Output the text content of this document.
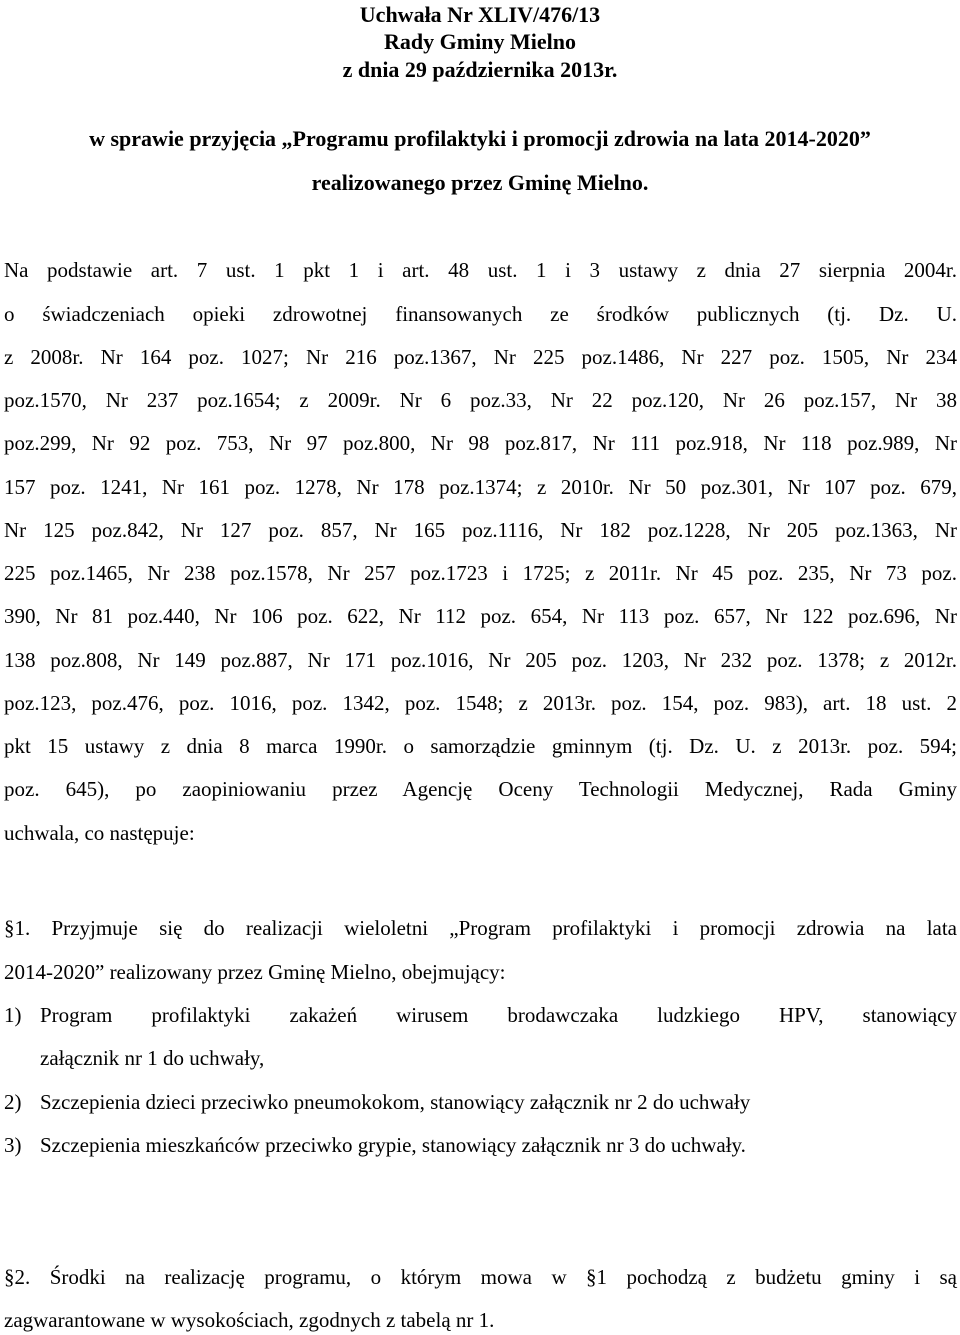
Uchwała Nr XLIV/476/13
Rady Gminy Mielno
z dnia 29 października 2013r.
w sprawie przyjęcia „Programu profilaktyki i promocji zdrowia na lata 2014-2020”
realizowanego przez Gminę Mielno.
Na podstawie art. 7 ust. 1 pkt 1 i art. 48 ust. 1 i 3 ustawy z dnia 27 sierpnia 2004r.
o świadczeniach opieki zdrowotnej finansowanych ze środków publicznych (tj. Dz. U.
z 2008r. Nr 164 poz. 1027; Nr 216 poz.1367, Nr 225 poz.1486, Nr 227 poz. 1505, Nr 234
poz.1570, Nr 237 poz.1654; z 2009r. Nr 6 poz.33, Nr 22 poz.120, Nr 26 poz.157, Nr 38
poz.299, Nr 92 poz. 753, Nr 97 poz.800, Nr 98 poz.817, Nr 111 poz.918, Nr 118 poz.989, Nr
157 poz. 1241, Nr 161 poz. 1278, Nr 178 poz.1374; z 2010r. Nr 50 poz.301, Nr 107 poz. 679,
Nr 125 poz.842, Nr 127 poz. 857, Nr 165 poz.1116, Nr 182 poz.1228, Nr 205 poz.1363, Nr
225 poz.1465, Nr 238 poz.1578, Nr 257 poz.1723 i 1725; z 2011r. Nr 45 poz. 235, Nr 73 poz.
390, Nr 81 poz.440, Nr 106 poz. 622, Nr 112 poz. 654, Nr 113 poz. 657, Nr 122 poz.696, Nr
138 poz.808, Nr 149 poz.887, Nr 171 poz.1016, Nr 205 poz. 1203, Nr 232 poz. 1378; z 2012r.
poz.123, poz.476, poz. 1016, poz. 1342, poz. 1548; z 2013r. poz. 154, poz. 983), art. 18 ust. 2
pkt 15 ustawy z dnia 8 marca 1990r. o samorządzie gminnym (tj. Dz. U. z 2013r. poz. 594;
poz. 645), po zaopiniowaniu przez Agencję Oceny Technologii Medycznej, Rada Gminy
uchwala, co następuje:
§1. Przyjmuje się do realizacji wieloletni „Program profilaktyki i promocji zdrowia na lata
2014-2020” realizowany przez Gminę Mielno, obejmujący:
1) Program profilaktyki zakażeń wirusem brodawczaka ludzkiego HPV, stanowiący
załącznik nr 1 do uchwały,
2) Szczepienia dzieci przeciwko pneumokokom, stanowiący załącznik nr 2 do uchwały
3) Szczepienia mieszkańców przeciwko grypie, stanowiący załącznik nr 3 do uchwały.
§2. Środki na realizację programu, o którym mowa w §1 pochodzą z budżetu gminy i są
zagwarantowane w wysokościach, zgodnych z tabelą nr 1.
